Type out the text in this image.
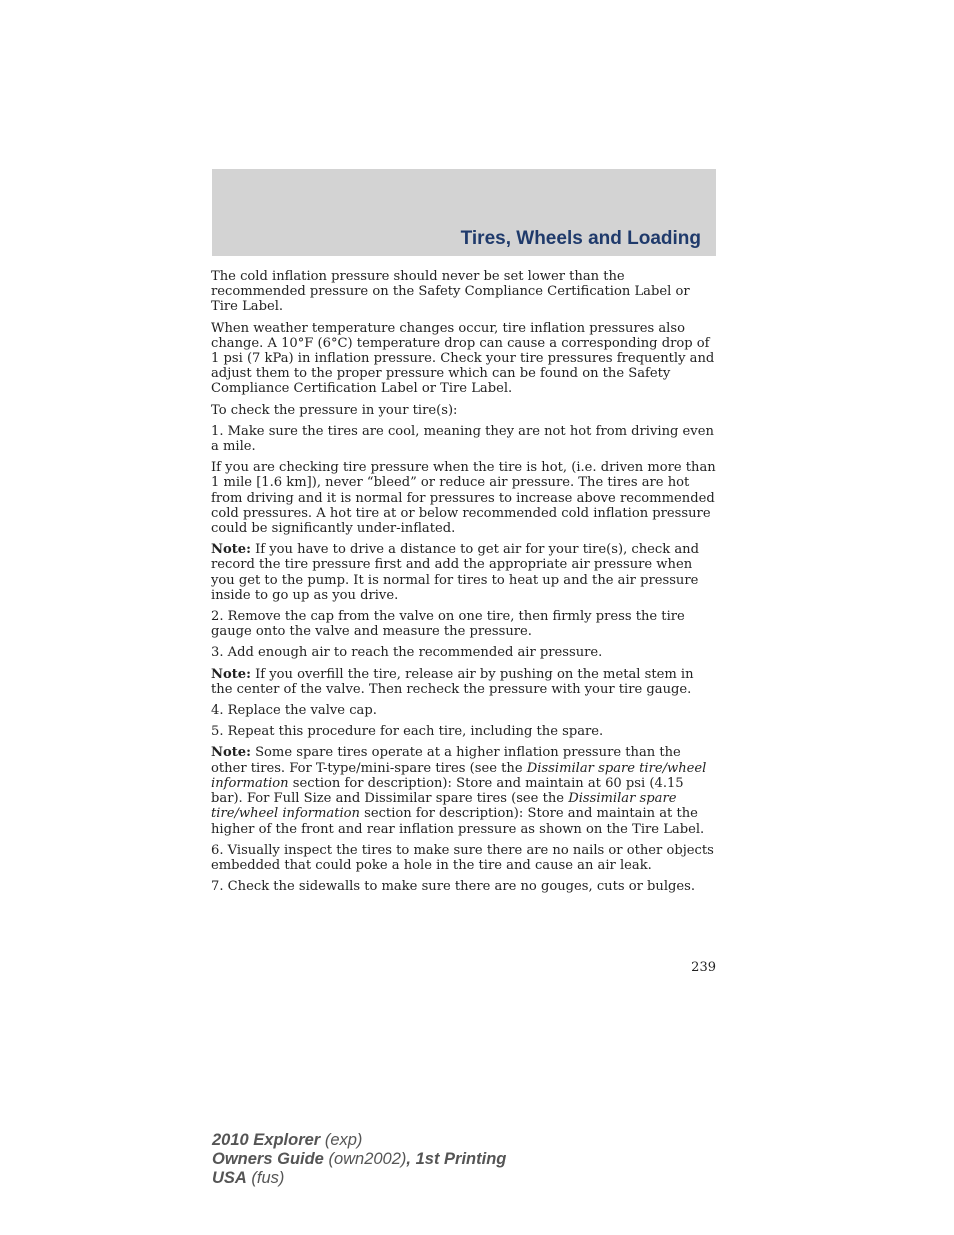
Tires, Wheels and Loading

The cold inflation pressure should never be set lower than the recommended pressure on the Safety Compliance Certification Label or Tire Label.

When weather temperature changes occur, tire inflation pressures also change. A 10°F (6°C) temperature drop can cause a corresponding drop of 1 psi (7 kPa) in inflation pressure. Check your tire pressures frequently and adjust them to the proper pressure which can be found on the Safety Compliance Certification Label or Tire Label.

To check the pressure in your tire(s):

1. Make sure the tires are cool, meaning they are not hot from driving even a mile.

If you are checking tire pressure when the tire is hot, (i.e. driven more than 1 mile [1.6 km]), never “bleed” or reduce air pressure. The tires are hot from driving and it is normal for pressures to increase above recommended cold pressures. A hot tire at or below recommended cold inflation pressure could be significantly under-inflated.

Note: If you have to drive a distance to get air for your tire(s), check and record the tire pressure first and add the appropriate air pressure when you get to the pump. It is normal for tires to heat up and the air pressure inside to go up as you drive.

2. Remove the cap from the valve on one tire, then firmly press the tire gauge onto the valve and measure the pressure.

3. Add enough air to reach the recommended air pressure.

Note: If you overfill the tire, release air by pushing on the metal stem in the center of the valve. Then recheck the pressure with your tire gauge.

4. Replace the valve cap.

5. Repeat this procedure for each tire, including the spare.

Note: Some spare tires operate at a higher inflation pressure than the other tires. For T-type/mini-spare tires (see the Dissimilar spare tire/wheel information section for description): Store and maintain at 60 psi (4.15 bar). For Full Size and Dissimilar spare tires (see the Dissimilar spare tire/wheel information section for description): Store and maintain at the higher of the front and rear inflation pressure as shown on the Tire Label.

6. Visually inspect the tires to make sure there are no nails or other objects embedded that could poke a hole in the tire and cause an air leak.

7. Check the sidewalls to make sure there are no gouges, cuts or bulges.

239
2010 Explorer (exp)
Owners Guide (own2002), 1st Printing
USA (fus)
